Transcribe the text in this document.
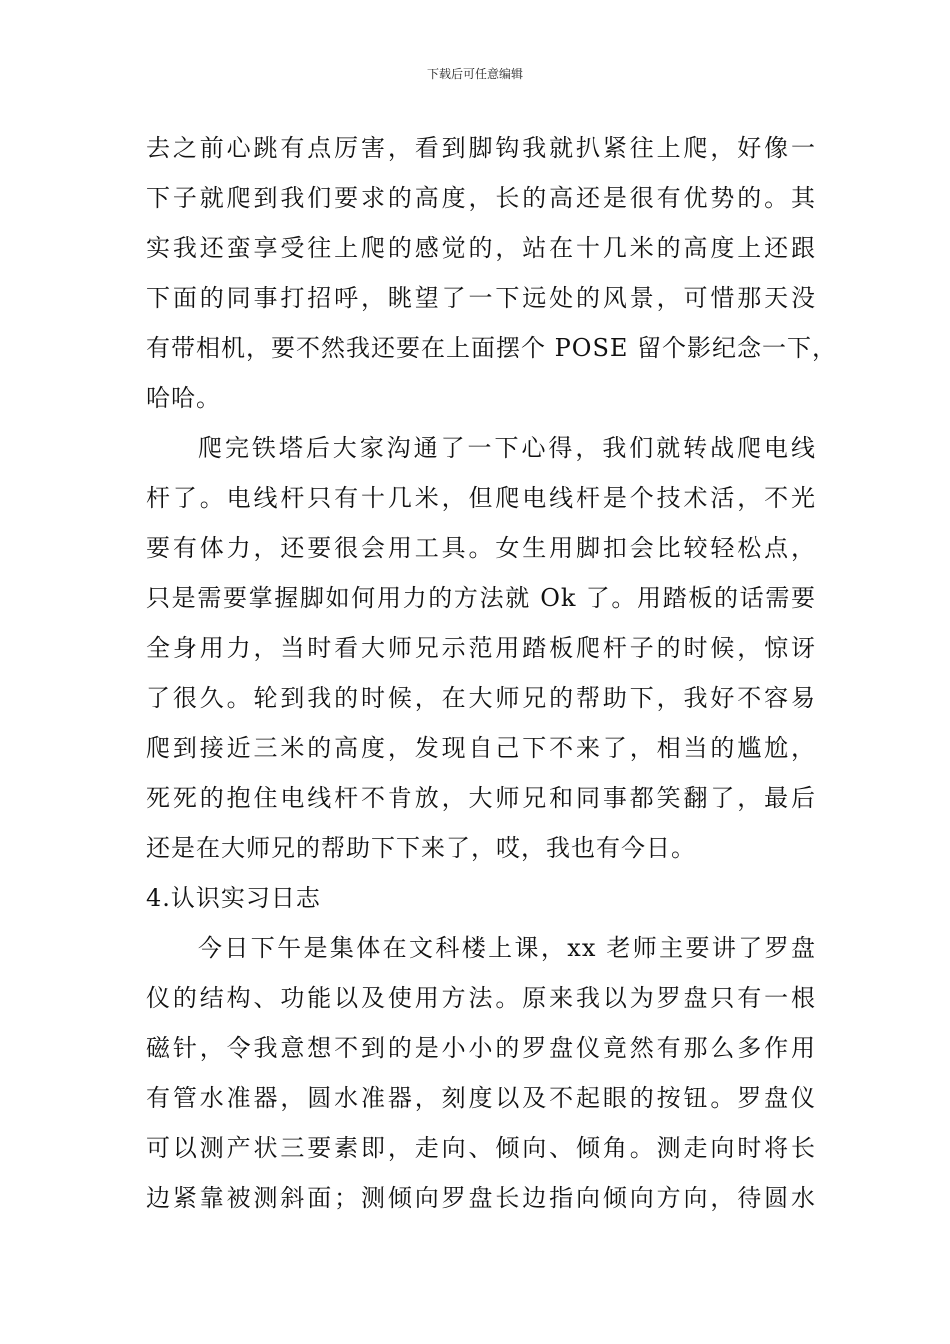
下载后可任意编辑
去之前心跳有点厉害，看到脚钩我就扒紧往上爬，好像一
下子就爬到我们要求的高度，长的高还是很有优势的。其
实我还蛮享受往上爬的感觉的，站在十几米的高度上还跟
下面的同事打招呼，眺望了一下远处的风景，可惜那天没
有带相机，要不然我还要在上面摆个 POSE 留个影纪念一下，
哈哈。
爬完铁塔后大家沟通了一下心得，我们就转战爬电线
杆了。电线杆只有十几米，但爬电线杆是个技术活，不光
要有体力，还要很会用工具。女生用脚扣会比较轻松点，
只是需要掌握脚如何用力的方法就 Ok 了。用踏板的话需要
全身用力，当时看大师兄示范用踏板爬杆子的时候，惊讶
了很久。轮到我的时候，在大师兄的帮助下，我好不容易
爬到接近三米的高度，发现自己下不来了，相当的尴尬，
死死的抱住电线杆不肯放，大师兄和同事都笑翻了，最后
还是在大师兄的帮助下下来了，哎，我也有今日。
4.认识实习日志
今日下午是集体在文科楼上课，xx 老师主要讲了罗盘
仪的结构、功能以及使用方法。原来我以为罗盘只有一根
磁针，令我意想不到的是小小的罗盘仪竟然有那么多作用
有管水准器，圆水准器，刻度以及不起眼的按钮。罗盘仪
可以测产状三要素即，走向、倾向、倾角。测走向时将长
边紧靠被测斜面；测倾向罗盘长边指向倾向方向，待圆水
